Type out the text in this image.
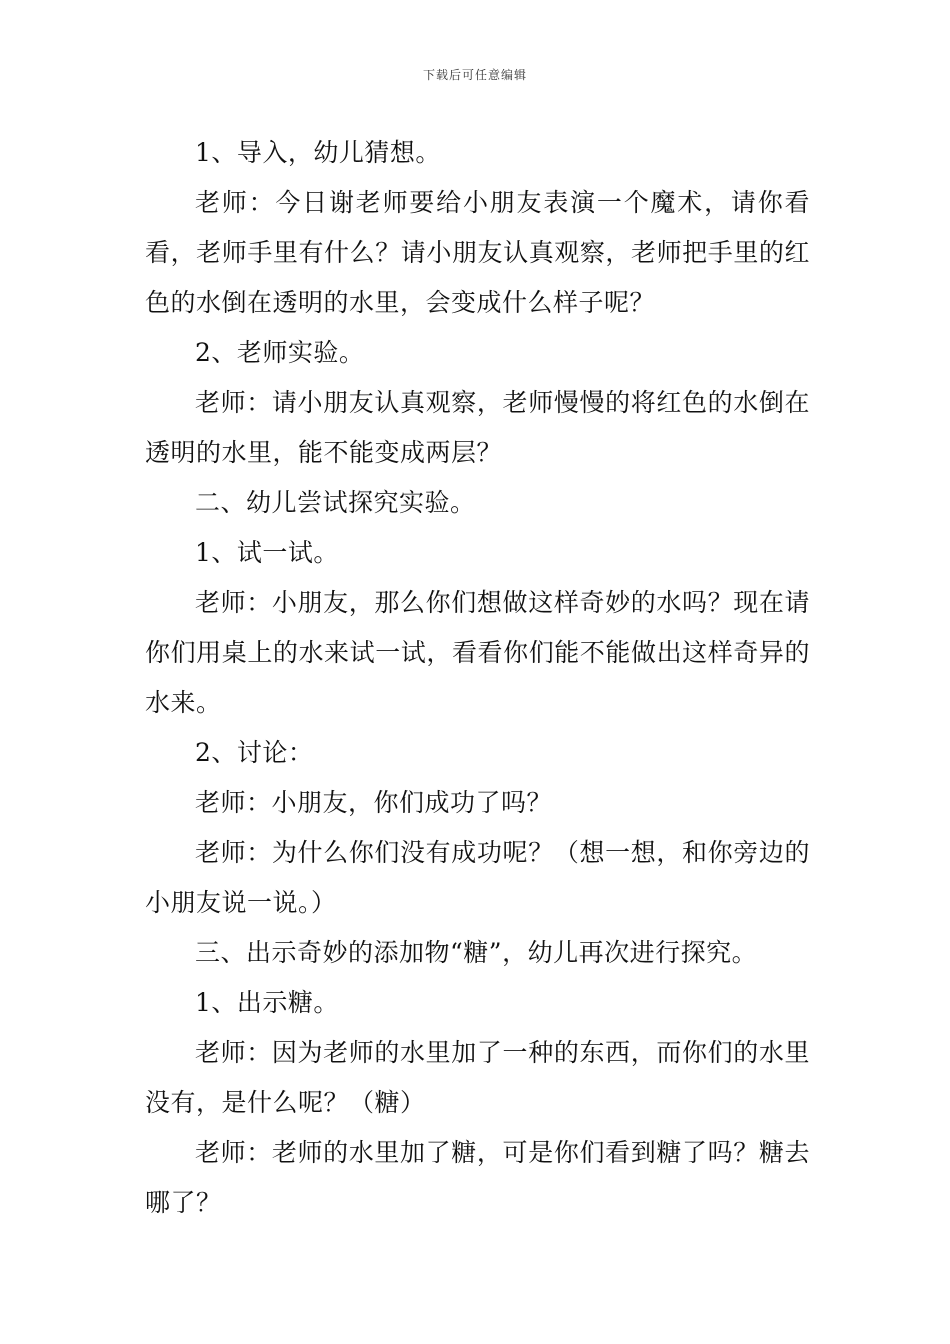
下载后可任意编辑

1、导入，幼儿猜想。

老师：今日谢老师要给小朋友表演一个魔术，请你看看，老师手里有什么？请小朋友认真观察，老师把手里的红色的水倒在透明的水里，会变成什么样子呢？

2、老师实验。

老师：请小朋友认真观察，老师慢慢的将红色的水倒在透明的水里，能不能变成两层？

二、幼儿尝试探究实验。

1、试一试。

老师：小朋友，那么你们想做这样奇妙的水吗？现在请你们用桌上的水来试一试，看看你们能不能做出这样奇异的水来。

2、讨论：

老师：小朋友，你们成功了吗？

老师：为什么你们没有成功呢？（想一想，和你旁边的小朋友说一说。）

三、出示奇妙的添加物“糖”，幼儿再次进行探究。

1、出示糖。

老师：因为老师的水里加了一种的东西，而你们的水里没有，是什么呢？（糖）

老师：老师的水里加了糖，可是你们看到糖了吗？糖去哪了？
